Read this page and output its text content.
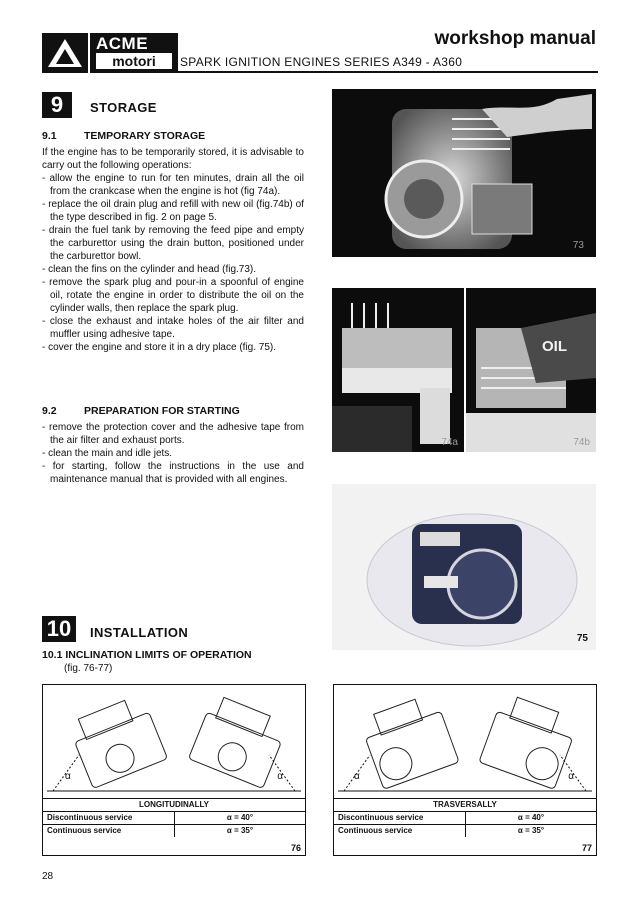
ACME
motori
workshop manual
SPARK IGNITION ENGINES SERIES A349 - A360
9	STORAGE
9.1	TEMPORARY STORAGE

If the engine has to be temporarily stored, it is advisable to carry out the following operations:

- allow the engine to run for ten minutes, drain all the oil from the crankcase when the engine is hot (fig 74a).

- replace the oil drain plug and refill with new oil (fig.74b) of the type described in fig. 2 on page 5.

- drain the fuel tank by removing the feed pipe and empty the carburettor using the drain button, positioned under the carburettor bowl.

- clean the fins on the cylinder and head (fig.73).

- remove the spark plug and pour-in a spoonful of engine oil, rotate the engine in order to distribute the oil on the cylinder walls, then replace the spark plug.

- close the exhaust and intake holes of the air filter and muffler using adhesive tape.

- cover the engine and store it in a dry place (fig. 75).

9.2	PREPARATION FOR STARTING

- remove the protection cover and the adhesive tape from the air filter and exhaust ports.

- clean the main and idle jets.

- for starting, follow the instructions in the use and maintenance manual that is provided with all engines.

10	INSTALLATION
10.1 INCLINATION LIMITS OF OPERATION
(fig. 76-77)
73
74a
OIL
74b
75
α	α
LONGITUDINALLY
Discontinuous service	α = 40°
Continuous service	α = 35°
76
α	α
TRASVERSALLY
Discontinuous service	α = 40°
Continuous service	α = 35°
77
28
